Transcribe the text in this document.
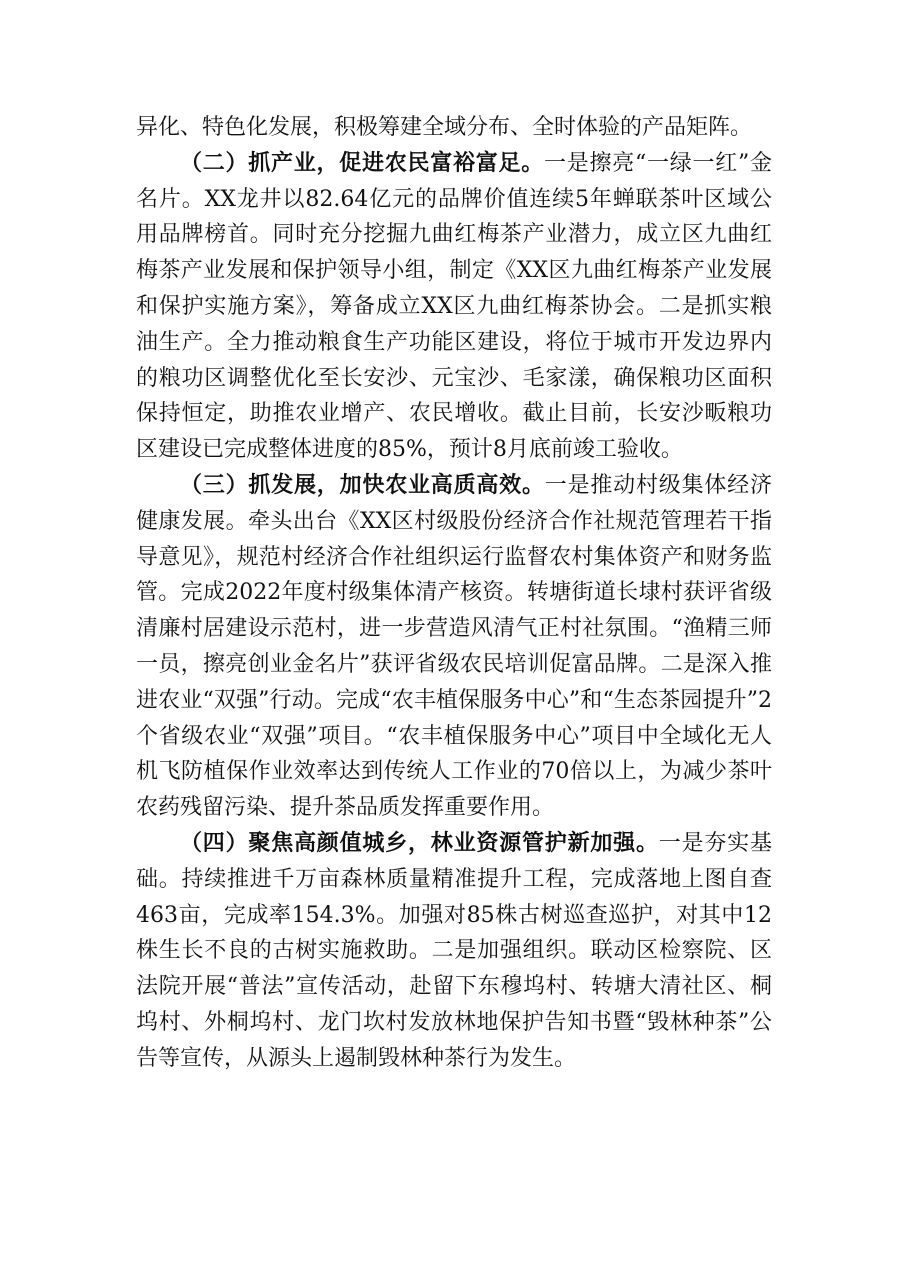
异化、特色化发展，积极筹建全域分布、全时体验的产品矩阵。

（二）抓产业，促进农民富裕富足。一是擦亮“一绿一红”金名片。XX龙井以82.64亿元的品牌价值连续5年蝉联茶叶区域公用品牌榜首。同时充分挖掘九曲红梅茶产业潜力，成立区九曲红梅茶产业发展和保护领导小组，制定《XX区九曲红梅茶产业发展和保护实施方案》，筹备成立XX区九曲红梅茶协会。二是抓实粮油生产。全力推动粮食生产功能区建设，将位于城市开发边界内的粮功区调整优化至长安沙、元宝沙、毛家漾，确保粮功区面积保持恒定，助推农业增产、农民增收。截止目前，长安沙畈粮功区建设已完成整体进度的85%，预计8月底前竣工验收。

（三）抓发展，加快农业高质高效。一是推动村级集体经济健康发展。牵头出台《XX区村级股份经济合作社规范管理若干指导意见》，规范村经济合作社组织运行监督农村集体资产和财务监管。完成2022年度村级集体清产核资。转塘街道长埭村获评省级清廉村居建设示范村，进一步营造风清气正村社氛围。“渔精三师一员，擦亮创业金名片”获评省级农民培训促富品牌。二是深入推进农业“双强”行动。完成“农丰植保服务中心”和“生态茶园提升”2个省级农业“双强”项目。“农丰植保服务中心”项目中全域化无人机飞防植保作业效率达到传统人工作业的70倍以上，为减少茶叶农药残留污染、提升茶品质发挥重要作用。

（四）聚焦高颜值城乡，林业资源管护新加强。一是夯实基础。持续推进千万亩森林质量精准提升工程，完成落地上图自查463亩，完成率154.3%。加强对85株古树巡查巡护，对其中12株生长不良的古树实施救助。二是加强组织。联动区检察院、区法院开展“普法”宣传活动，赴留下东穆坞村、转塘大清社区、桐坞村、外桐坞村、龙门坎村发放林地保护告知书暨“毁林种茶”公告等宣传，从源头上遏制毁林种茶行为发生。
